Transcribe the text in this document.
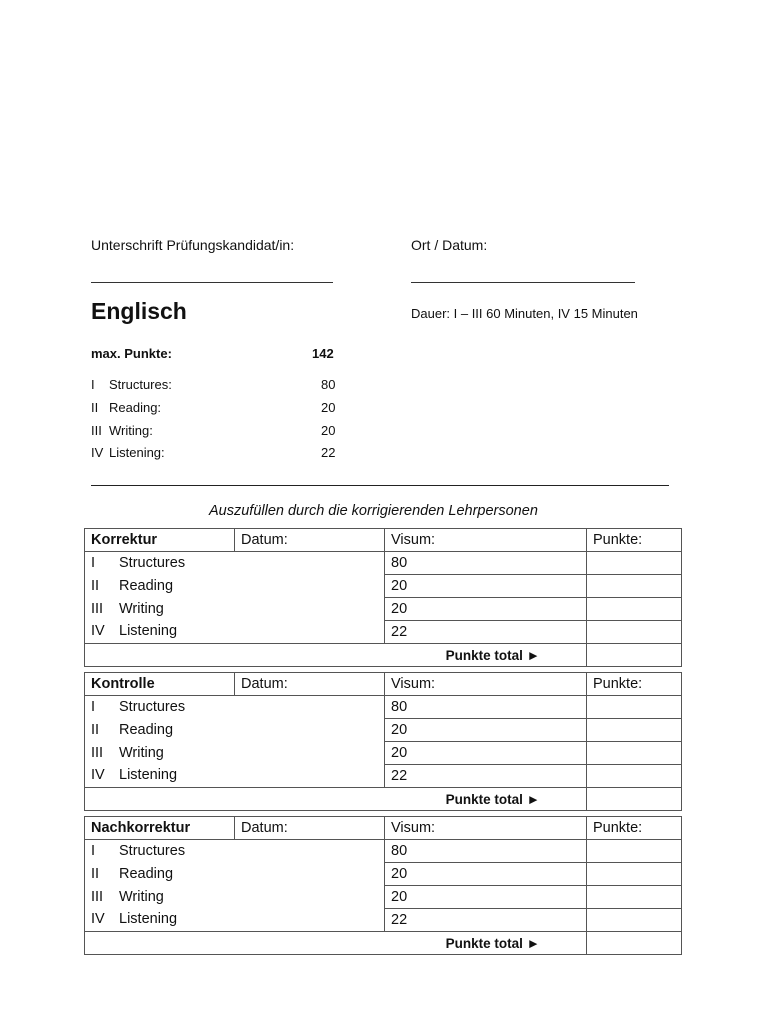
Unterschrift Prüfungskandidat/in:	Ort / Datum:
Englisch	Dauer: I – III 60 Minuten, IV 15 Minuten
max. Punkte:	142
I Structures:	80
II Reading:	20
III Writing:	20
IV Listening:	22
Auszufüllen durch die korrigierenden Lehrpersonen
Korrektur	Datum:	Visum:	Punkte:
I Structures		80	
II Reading		20	
III Writing		20	
IV Listening		22	
Punkte total ►			
Kontrolle	Datum:	Visum:	Punkte:
I Structures		80	
II Reading		20	
III Writing		20	
IV Listening		22	
Punkte total ►			
Nachkorrektur	Datum:	Visum:	Punkte:
I Structures		80	
II Reading		20	
III Writing		20	
IV Listening		22	
Punkte total ►			
